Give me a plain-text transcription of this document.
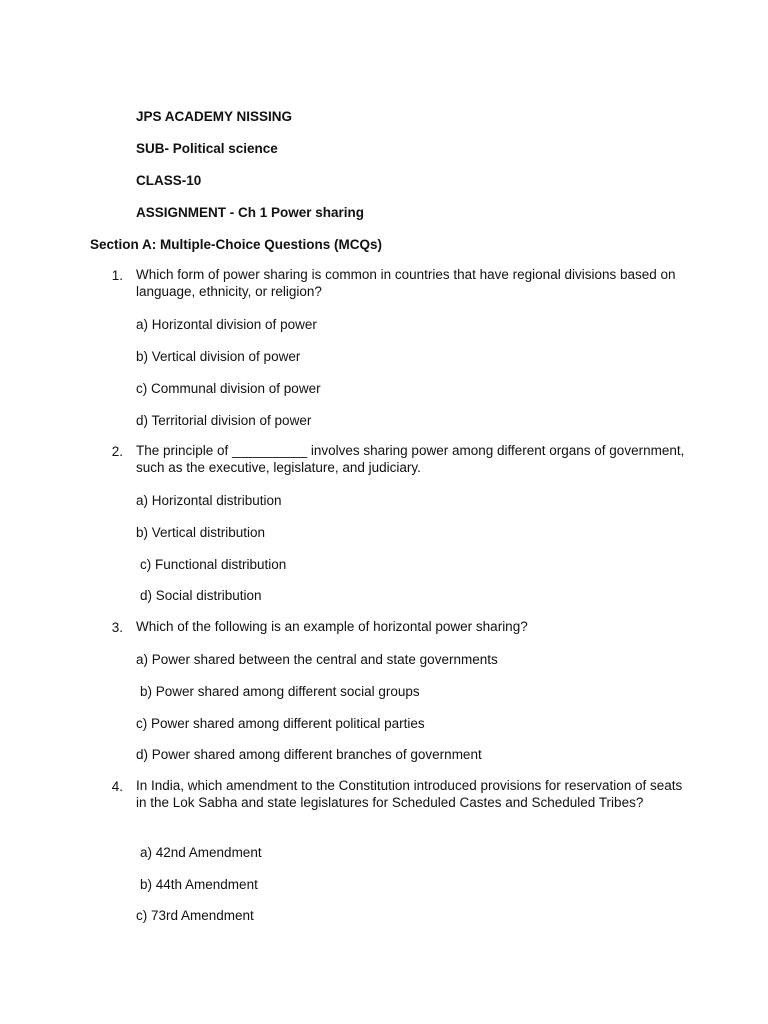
JPS ACADEMY NISSING
SUB- Political science
CLASS-10
ASSIGNMENT - Ch 1 Power sharing
Section A: Multiple-Choice Questions (MCQs)
1. Which form of power sharing is common in countries that have regional divisions based on language, ethnicity, or religion?
a) Horizontal division of power
b) Vertical division of power
c) Communal division of power
d) Territorial division of power
2. The principle of __________ involves sharing power among different organs of government, such as the executive, legislature, and judiciary.
a) Horizontal distribution
b) Vertical distribution
c) Functional distribution
d) Social distribution
3. Which of the following is an example of horizontal power sharing?
a) Power shared between the central and state governments
b) Power shared among different social groups
c) Power shared among different political parties
d) Power shared among different branches of government
4. In India, which amendment to the Constitution introduced provisions for reservation of seats in the Lok Sabha and state legislatures for Scheduled Castes and Scheduled Tribes?
a) 42nd Amendment
b) 44th Amendment
c) 73rd Amendment
